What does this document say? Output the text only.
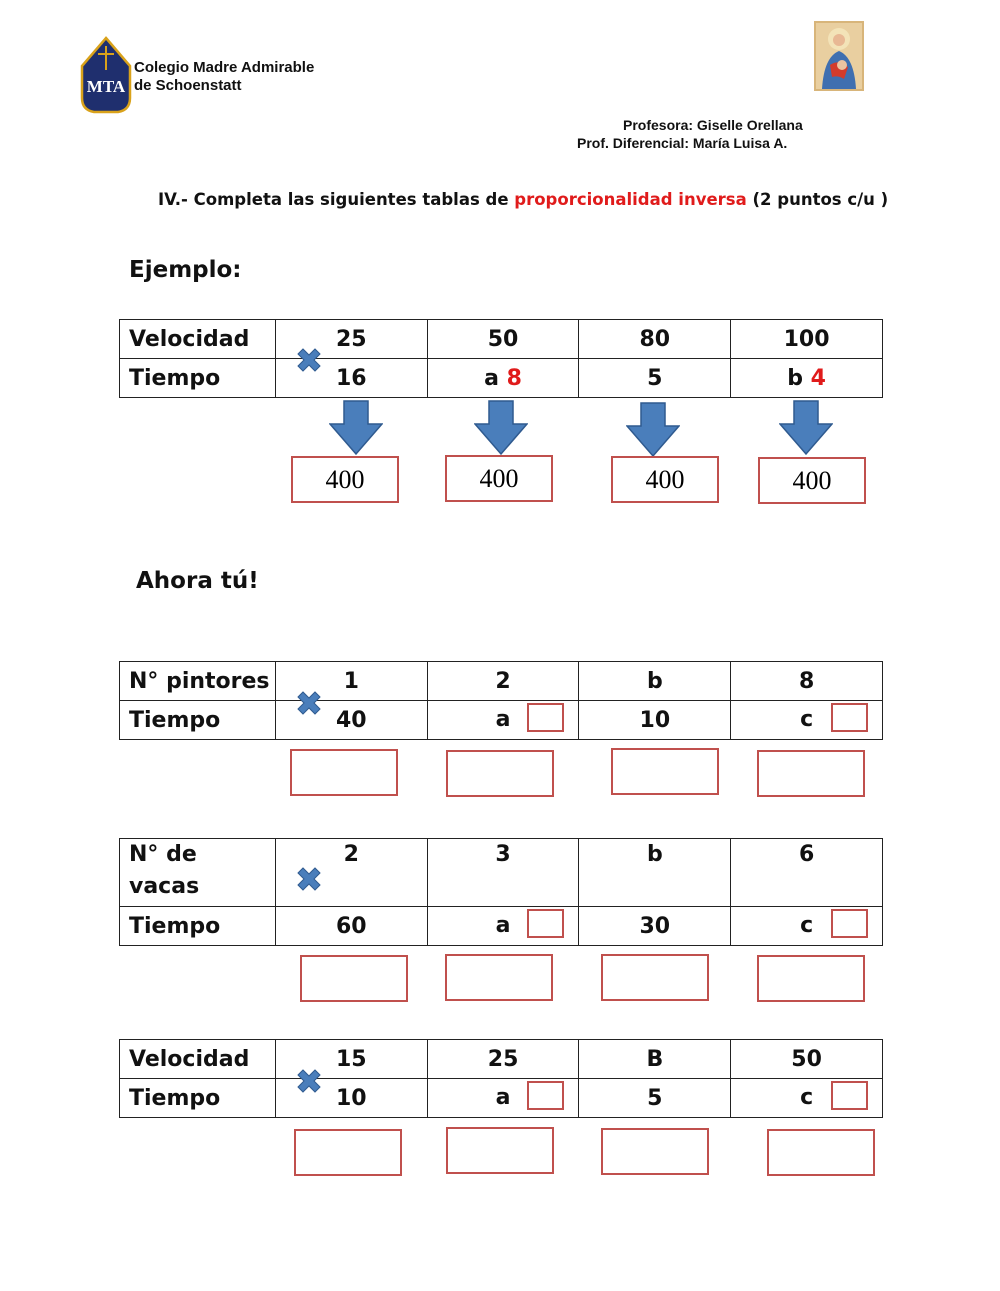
MTA
Colegio Madre Admirable
de Schoenstatt
Profesora: Giselle Orellana
Prof. Diferencial: María Luisa A.
IV.- Completa las siguientes tablas de proporcionalidad inversa (2 puntos c/u )
Ejemplo:
Velocidad	25	50	80	100
Tiempo	16	a 8	5	b 4
400	400	400	400
Ahora tú!
N° pintores	1	2	b	8
Tiempo	40	a	10	c
N° de
vacas	2	3	b	6
Tiempo	60	a	30	c
Velocidad	15	25	B	50
Tiempo	10	a	5	c
